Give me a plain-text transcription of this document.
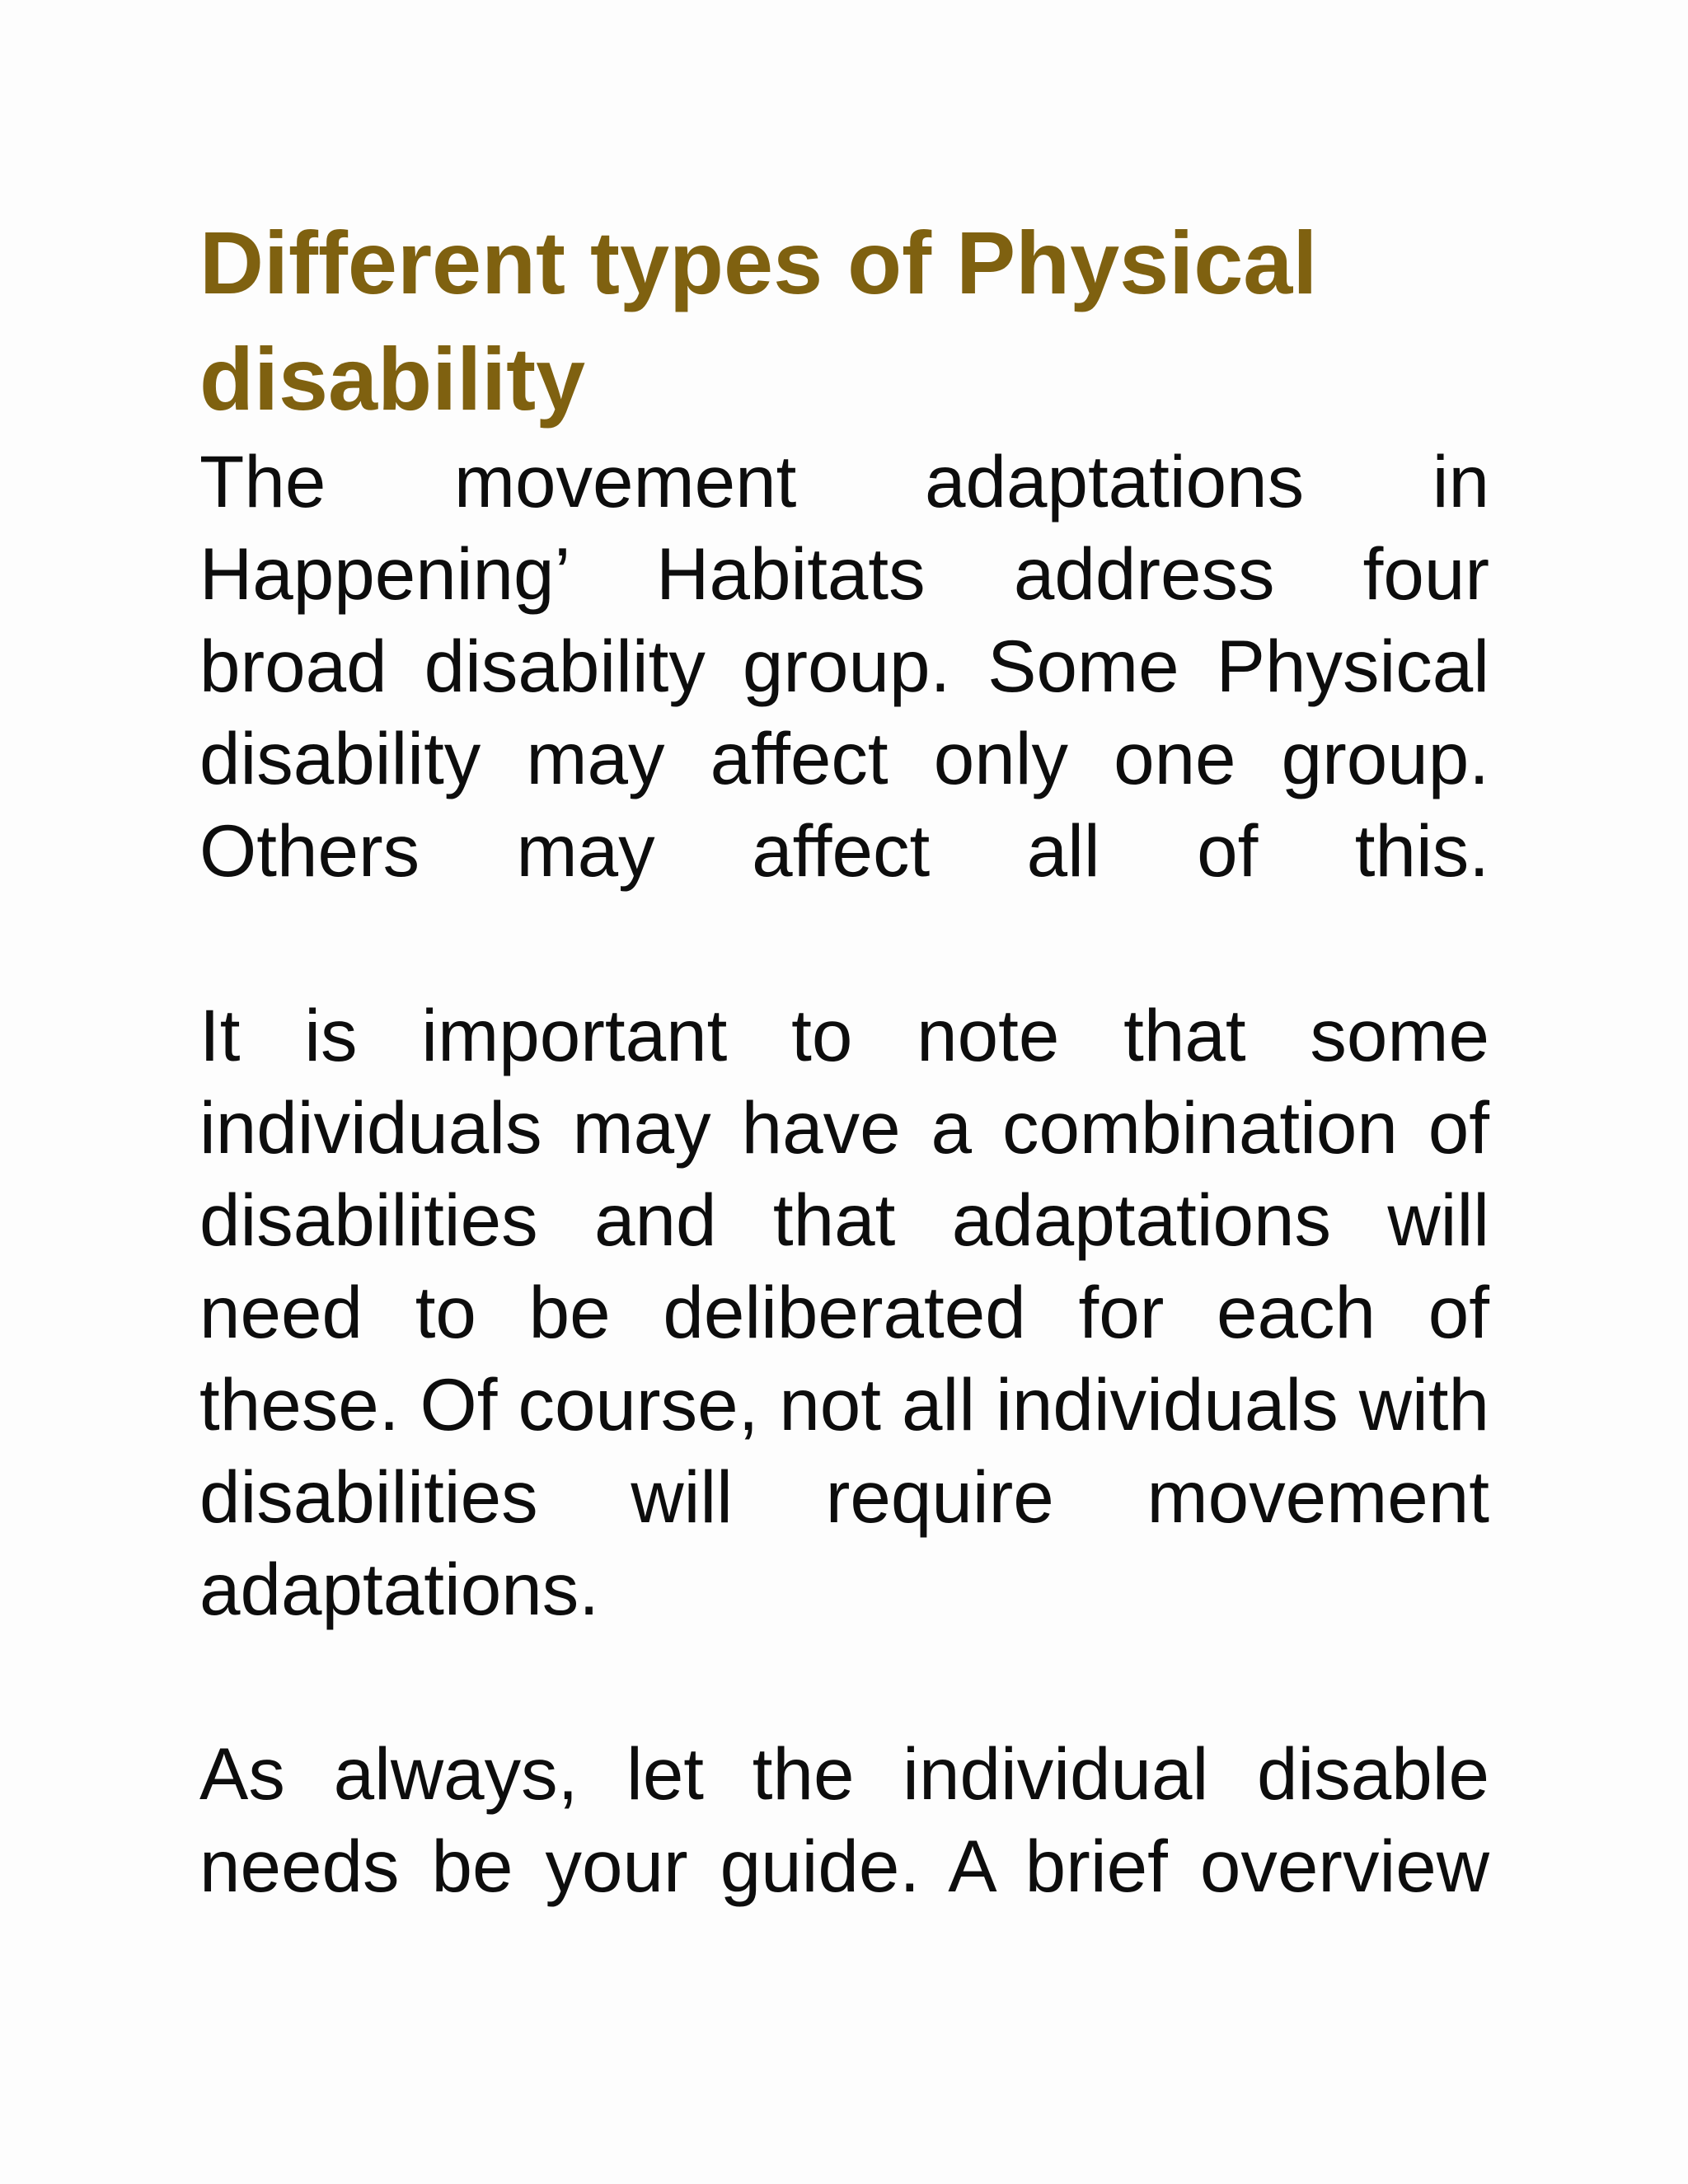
Different types of Physical disability

The movement adaptations in Happening’ Habitats address four broad disability group. Some Physical disability may affect only one group. Others may affect all of this.

It is important to note that some individuals may have a combination of disabilities and that adaptations will need to be deliberated for each of these. Of course, not all individuals with disabilities will require movement adaptations.

As always, let the individual disable needs be your guide. A brief overview
